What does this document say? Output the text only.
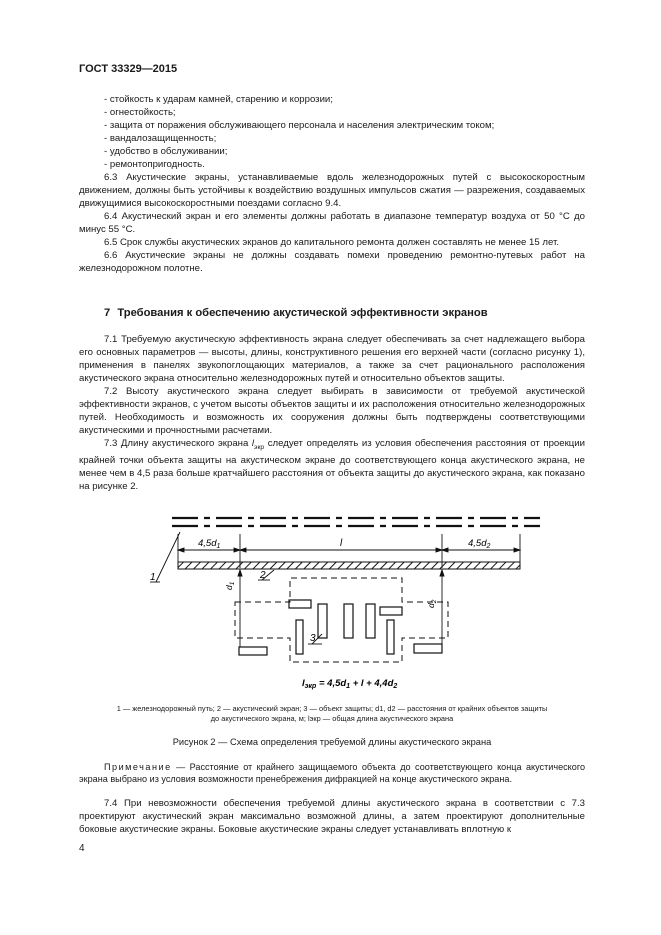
ГОСТ 33329—2015

- стойкость к ударам камней, старению и коррозии;

- огнестойкость;

- защита от поражения обслуживающего персонала и населения электрическим током;

- вандалозащищенность;

- удобство в обслуживании;

- ремонтопригодность.

6.3 Акустические экраны, устанавливаемые вдоль железнодорожных путей с высокоскоростным движением, должны быть устойчивы к воздействию воздушных импульсов сжатия — разрежения, создаваемых движущимися высокоскоростными поездами согласно 9.4.

6.4 Акустический экран и его элементы должны работать в диапазоне температур воздуха от 50 °С до минус 55 °С.

6.5 Срок службы акустических экранов до капитального ремонта должен составлять не менее 15 лет.

6.6 Акустические экраны не должны создавать помехи проведению ремонтно-путевых работ на железнодорожном полотне.

7 Требования к обеспечению акустической эффективности экранов

7.1 Требуемую акустическую эффективность экрана следует обеспечивать за счет надлежащего выбора его основных параметров — высоты, длины, конструктивного решения его верхней части (согласно рисунку 1), применения в панелях звукопоглощающих материалов, а также за счет рационального расположения акустического экрана относительно железнодорожных путей и относительно объектов защиты.

7.2 Высоту акустического экрана следует выбирать в зависимости от требуемой акустической эффективности экранов, с учетом высоты объектов защиты и их расположения относительно железнодорожных путей. Необходимость и возможность их сооружения должны быть подтверждены соответствующими акустическими и прочностными расчетами.

7.3 Длину акустического экрана $l_{экр}$ следует определять из условия обеспечения расстояния от проекции крайней точки объекта защиты на акустическом экране до соответствующего конца акустического экрана, не менее чем в 4,5 раза больше кратчайшего расстояния от объекта защиты до акустического экрана, как показано на рисунке 2.

$4,5d_1$	l	$4,5d_2$
1	2
3
$d_1$
$d_2$
$l_{экр} = 4,5d_1 + l + 4,4d_2$
1 — железнодорожный путь; 2 — акустический экран; 3 — объект защиты; d1, d2 — расстояния от крайних объектов защиты
до акустического экрана, м; lэкр — общая длина акустического экрана
Рисунок 2 — Схема определения требуемой длины акустического экрана
Примечание — Расстояние от крайнего защищаемого объекта до соответствующего конца акустического экрана выбрано из условия возможности пренебрежения дифракцией на конце акустического экрана.
7.4 При невозможности обеспечения требуемой длины акустического экрана в соответствии с 7.3 проектируют акустический экран максимально возможной длины, а затем проектируют дополнительные боковые акустические экраны. Боковые акустические экраны следует устанавливать вплотную к
4
